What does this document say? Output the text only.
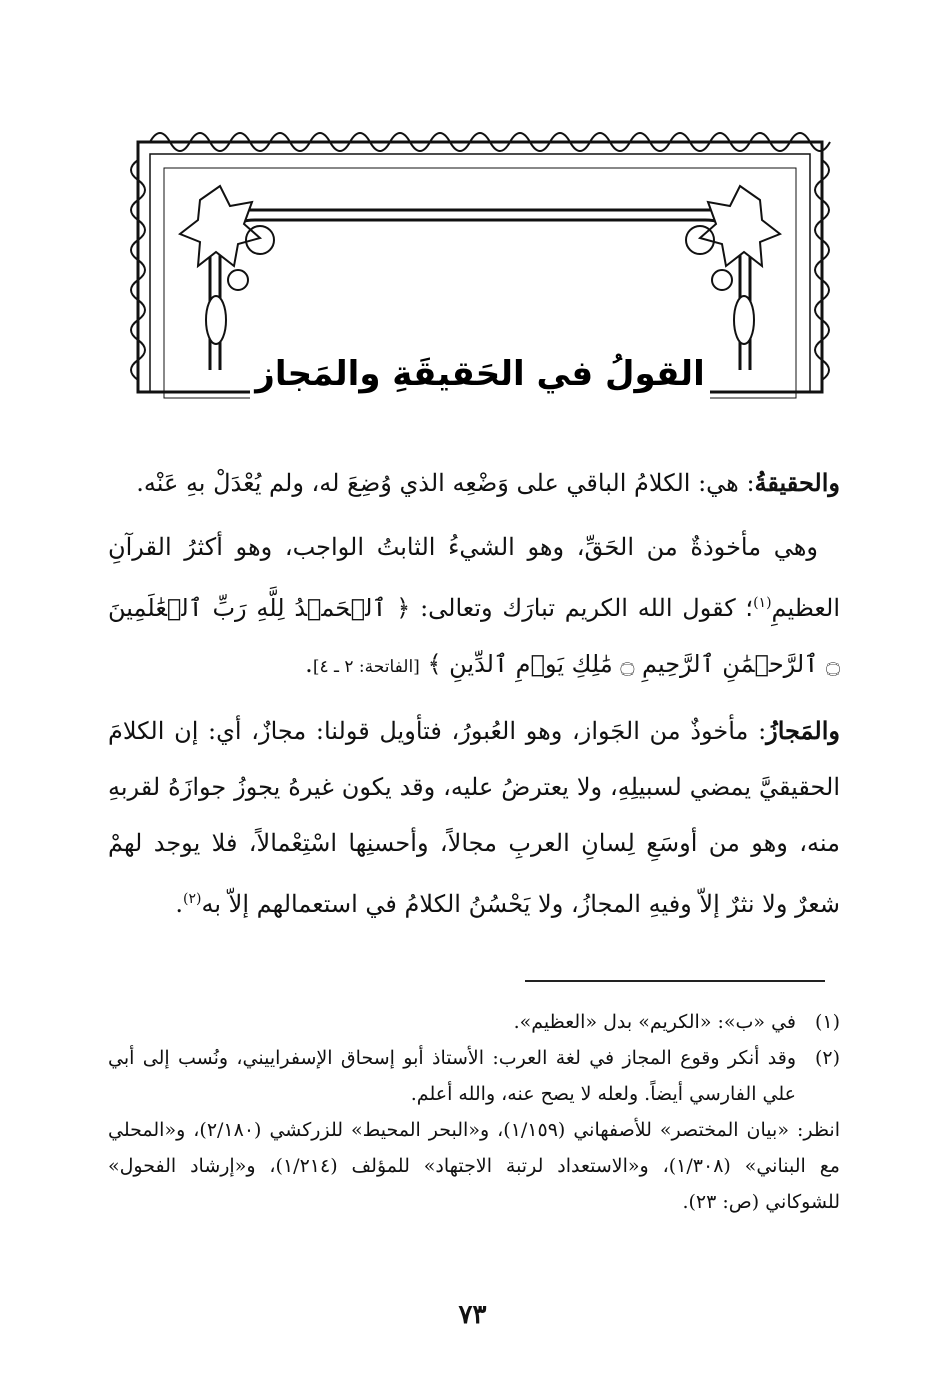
القولُ في الحَقيقَةِ والمَجاز

والحقيقةُ: هي: الكلامُ الباقي على وَضْعِه الذي وُضِعَ له، ولم يُعْدَلْ بهِ عَنْه.

وهي مأخوذةٌ من الحَقِّ، وهو الشيءُ الثابتُ الواجب، وهو أكثرُ القرآنِ العظيمِ$^{(١)}$؛ كقول الله الكريم تبارَك وتعالى: ﴿ ٱلۡحَمۡدُ لِلَّهِ رَبِّ ٱلۡعَٰلَمِينَ ۝ ٱلرَّحۡمَٰنِ ٱلرَّحِيمِ ۝ مَٰلِكِ يَوۡمِ ٱلدِّينِ ﴾ [الفاتحة: ٢ ـ ٤].

والمَجازُ: مأخوذٌ من الجَواز، وهو العُبورُ، فتأويل قولنا: مجازٌ، أي: إن الكلامَ الحقيقيَّ يمضي لسبيلِهِ، ولا يعترضُ عليه، وقد يكون غيرهُ يجوزُ جوازَهُ لقربهِ منه، وهو من أوسَعِ لِسانِ العربِ مجالاً، وأحسنِها اسْتِعْمالاً، فلا يوجد لهمْ شعرٌ ولا نثرٌ إلاّ وفيهِ المجازُ، ولا يَحْسُنُ الكلامُ في استعمالهم إلاّ به$^{(٢)}$.

(١)
في «ب»: «الكريم» بدل «العظيم».
(٢)
وقد أنكر وقوع المجاز في لغة العرب: الأستاذ أبو إسحاق الإسفراييني، ونُسب إلى أبي علي الفارسي أيضاً. ولعله لا يصح عنه، والله أعلم.
انظر: «بيان المختصر» للأصفهاني (١/١٥٩)، و«البحر المحيط» للزركشي (٢/١٨٠)، و«المحلي مع البناني» (١/٣٠٨)، و«الاستعداد لرتبة الاجتهاد» للمؤلف (١/٢١٤)، و«إرشاد الفحول» للشوكاني (ص: ٢٣).
٧٣
